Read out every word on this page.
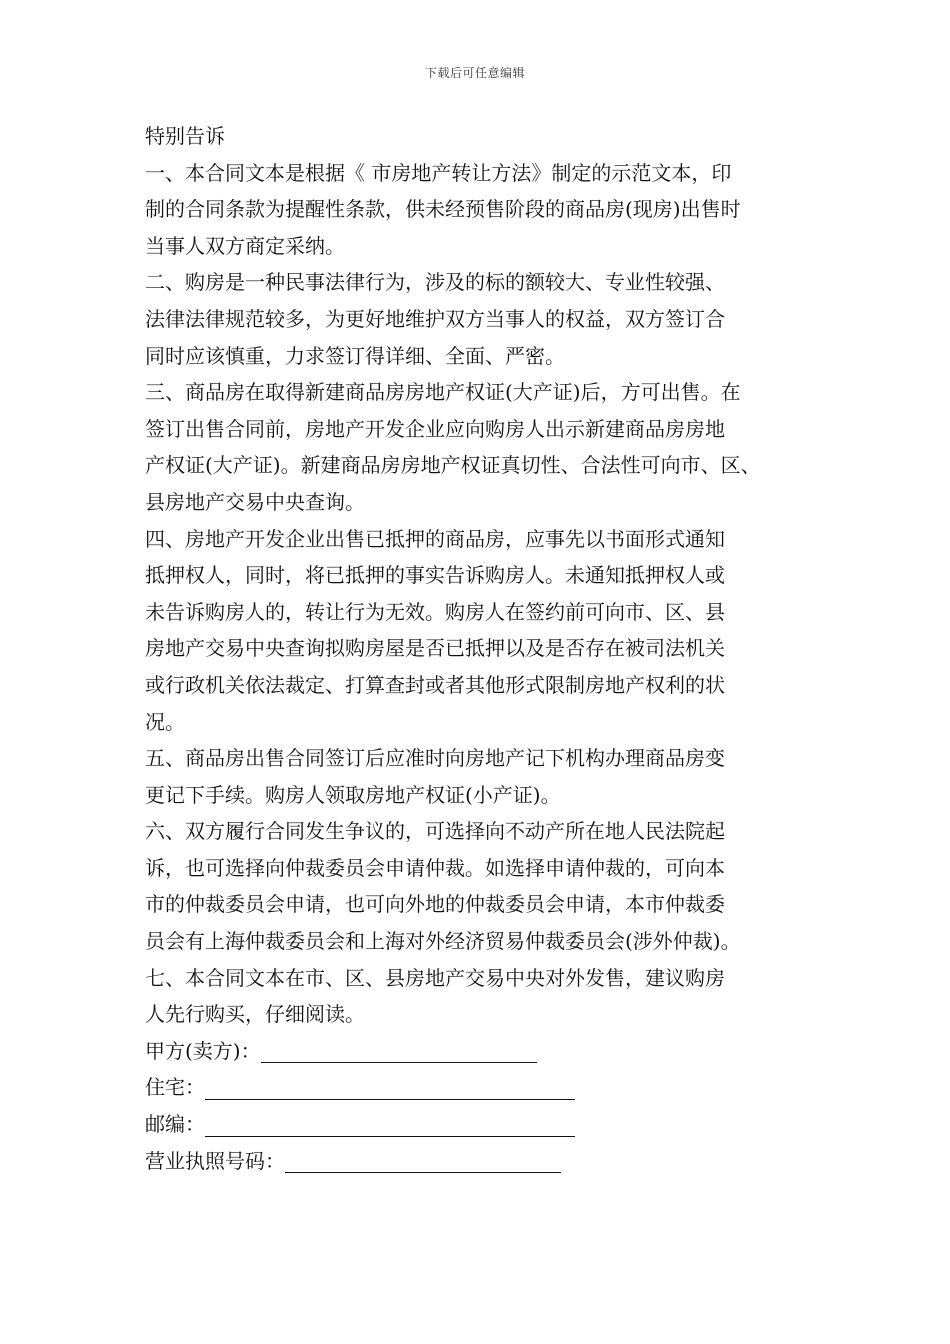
下载后可任意编辑
特别告诉
一、本合同文本是根据《 市房地产转让方法》制定的示范文本，印
制的合同条款为提醒性条款，供未经预售阶段的商品房(现房)出售时
当事人双方商定采纳。
二、购房是一种民事法律行为，涉及的标的额较大、专业性较强、
法律法律规范较多，为更好地维护双方当事人的权益，双方签订合
同时应该慎重，力求签订得详细、全面、严密。
三、商品房在取得新建商品房房地产权证(大产证)后，方可出售。在
签订出售合同前，房地产开发企业应向购房人出示新建商品房房地
产权证(大产证)。新建商品房房地产权证真切性、合法性可向市、区、
县房地产交易中央查询。
四、房地产开发企业出售已抵押的商品房，应事先以书面形式通知
抵押权人，同时，将已抵押的事实告诉购房人。未通知抵押权人或
未告诉购房人的，转让行为无效。购房人在签约前可向市、区、县
房地产交易中央查询拟购房屋是否已抵押以及是否存在被司法机关
或行政机关依法裁定、打算查封或者其他形式限制房地产权利的状
况。
五、商品房出售合同签订后应准时向房地产记下机构办理商品房变
更记下手续。购房人领取房地产权证(小产证)。
六、双方履行合同发生争议的，可选择向不动产所在地人民法院起
诉，也可选择向仲裁委员会申请仲裁。如选择申请仲裁的，可向本
市的仲裁委员会申请，也可向外地的仲裁委员会申请，本市仲裁委
员会有上海仲裁委员会和上海对外经济贸易仲裁委员会(涉外仲裁)。
七、本合同文本在市、区、县房地产交易中央对外发售，建议购房
人先行购买，仔细阅读。
甲方(卖方)：
住宅：
邮编：
营业执照号码：
